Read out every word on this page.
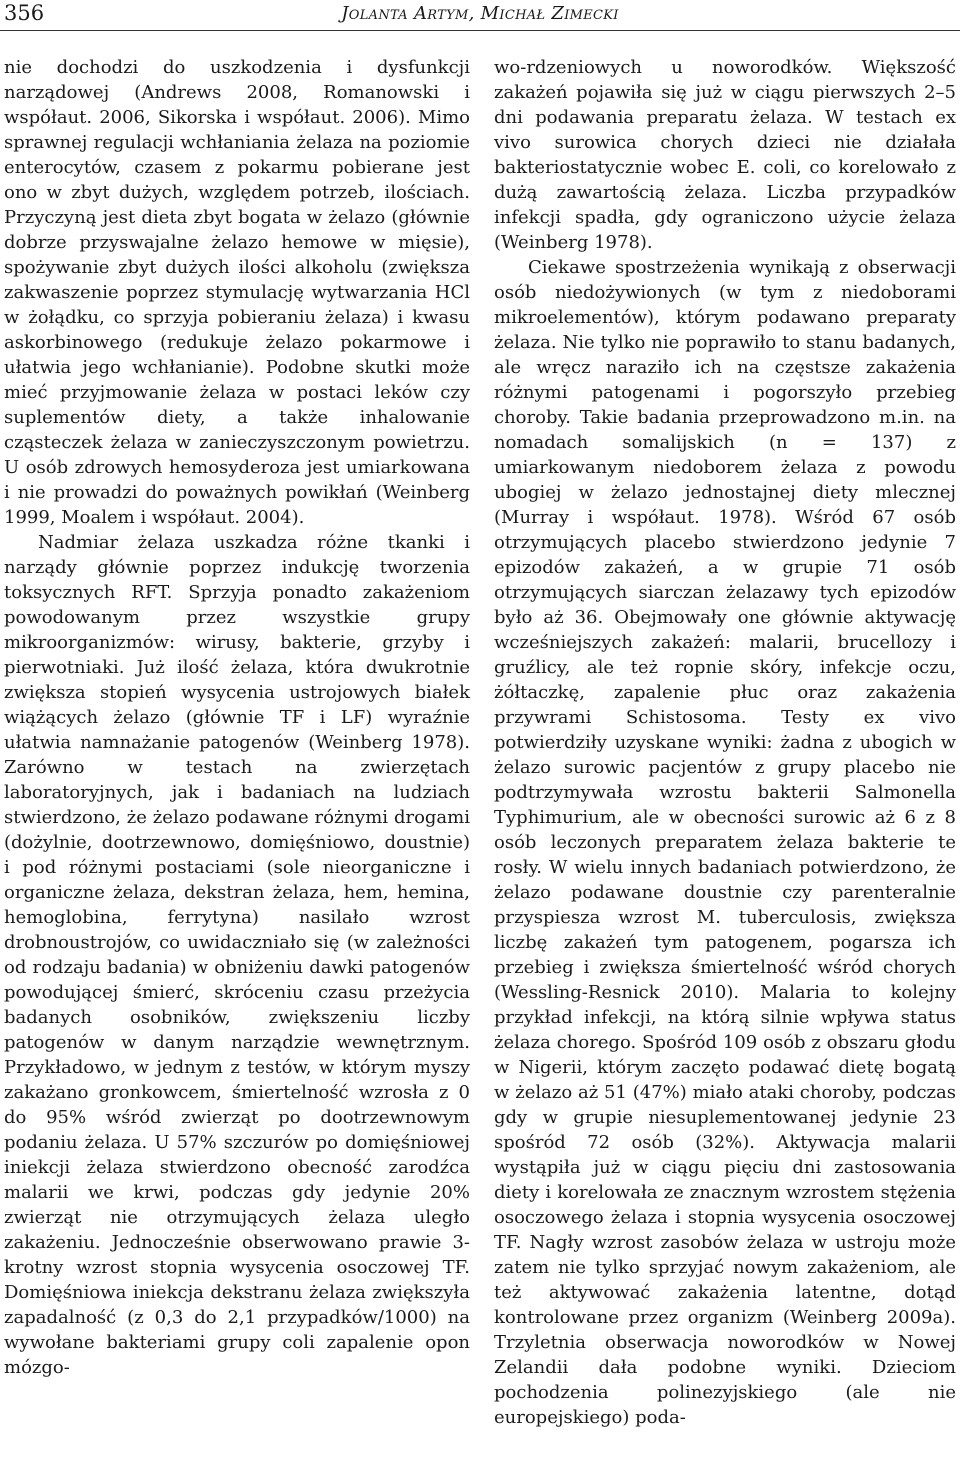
356	Jolanta Artym, Michał Zimecki

nie dochodzi do uszkodzenia i dysfunkcji narządowej (Andrews 2008, Romanowski i współaut. 2006, Sikorska i współaut. 2006). Mimo sprawnej regulacji wchłaniania żelaza na poziomie enterocytów, czasem z pokarmu pobierane jest ono w zbyt dużych, względem potrzeb, ilościach. Przyczyną jest dieta zbyt bogata w żelazo (głównie dobrze przyswajalne żelazo hemowe w mięsie), spożywanie zbyt dużych ilości alkoholu (zwiększa zakwaszenie poprzez stymulację wytwarzania HCl w żołądku, co sprzyja pobieraniu żelaza) i kwasu askorbinowego (redukuje żelazo pokarmowe i ułatwia jego wchłanianie). Podobne skutki może mieć przyjmowanie żelaza w postaci leków czy suplementów diety, a także inhalowanie cząsteczek żelaza w zanieczyszczonym powietrzu. U osób zdrowych hemosyderoza jest umiarkowana i nie prowadzi do poważnych powikłań (Weinberg 1999, Moalem i współaut. 2004).

Nadmiar żelaza uszkadza różne tkanki i narządy głównie poprzez indukcję tworzenia toksycznych RFT. Sprzyja ponadto zakażeniom powodowanym przez wszystkie grupy mikroorganizmów: wirusy, bakterie, grzyby i pierwotniaki. Już ilość żelaza, która dwukrotnie zwiększa stopień wysycenia ustrojowych białek wiążących żelazo (głównie TF i LF) wyraźnie ułatwia namnażanie patogenów (Weinberg 1978). Zarówno w testach na zwierzętach laboratoryjnych, jak i badaniach na ludziach stwierdzono, że żelazo podawane różnymi drogami (dożylnie, dootrzewnowo, domięśniowo, doustnie) i pod różnymi postaciami (sole nieorganiczne i organiczne żelaza, dekstran żelaza, hem, hemina, hemoglobina, ferrytyna) nasilało wzrost drobnoustrojów, co uwidaczniało się (w zależności od rodzaju badania) w obniżeniu dawki patogenów powodującej śmierć, skróceniu czasu przeżycia badanych osobników, zwiększeniu liczby patogenów w danym narządzie wewnętrznym. Przykładowo, w jednym z testów, w którym myszy zakażano gronkowcem, śmiertelność wzrosła z 0 do 95% wśród zwierząt po dootrzewnowym podaniu żelaza. U 57% szczurów po domięśniowej iniekcji żelaza stwierdzono obecność zarodźca malarii we krwi, podczas gdy jedynie 20% zwierząt nie otrzymujących żelaza uległo zakażeniu. Jednocześnie obserwowano prawie 3-krotny wzrost stopnia wysycenia osoczowej TF. Domięśniowa iniekcja dekstranu żelaza zwiększyła zapadalność (z 0,3 do 2,1 przypadków/1000) na wywołane bakteriami grupy coli zapalenie opon mózgo-

wo-rdzeniowych u noworodków. Większość zakażeń pojawiła się już w ciągu pierwszych 2–5 dni podawania preparatu żelaza. W testach ex vivo surowica chorych dzieci nie działała bakteriostatycznie wobec E. coli, co korelowało z dużą zawartością żelaza. Liczba przypadków infekcji spadła, gdy ograniczono użycie żelaza (Weinberg 1978).

Ciekawe spostrzeżenia wynikają z obserwacji osób niedożywionych (w tym z niedoborami mikroelementów), którym podawano preparaty żelaza. Nie tylko nie poprawiło to stanu badanych, ale wręcz naraziło ich na częstsze zakażenia różnymi patogenami i pogorszyło przebieg choroby. Takie badania przeprowadzono m.in. na nomadach somalijskich (n = 137) z umiarkowanym niedoborem żelaza z powodu ubogiej w żelazo jednostajnej diety mlecznej (Murray i współaut. 1978). Wśród 67 osób otrzymujących placebo stwierdzono jedynie 7 epizodów zakażeń, a w grupie 71 osób otrzymujących siarczan żelazawy tych epizodów było aż 36. Obejmowały one głównie aktywację wcześniejszych zakażeń: malarii, brucellozy i gruźlicy, ale też ropnie skóry, infekcje oczu, żółtaczkę, zapalenie płuc oraz zakażenia przywrami Schistosoma. Testy ex vivo potwierdziły uzyskane wyniki: żadna z ubogich w żelazo surowic pacjentów z grupy placebo nie podtrzymywała wzrostu bakterii Salmonella Typhimurium, ale w obecności surowic aż 6 z 8 osób leczonych preparatem żelaza bakterie te rosły. W wielu innych badaniach potwierdzono, że żelazo podawane doustnie czy parenteralnie przyspiesza wzrost M. tuberculosis, zwiększa liczbę zakażeń tym patogenem, pogarsza ich przebieg i zwiększa śmiertelność wśród chorych (Wessling-Resnick 2010). Malaria to kolejny przykład infekcji, na którą silnie wpływa status żelaza chorego. Spośród 109 osób z obszaru głodu w Nigerii, którym zaczęto podawać dietę bogatą w żelazo aż 51 (47%) miało ataki choroby, podczas gdy w grupie niesuplementowanej jedynie 23 spośród 72 osób (32%). Aktywacja malarii wystąpiła już w ciągu pięciu dni zastosowania diety i korelowała ze znacznym wzrostem stężenia osoczowego żelaza i stopnia wysycenia osoczowej TF. Nagły wzrost zasobów żelaza w ustroju może zatem nie tylko sprzyjać nowym zakażeniom, ale też aktywować zakażenia latentne, dotąd kontrolowane przez organizm (Weinberg 2009a). Trzyletnia obserwacja noworodków w Nowej Zelandii dała podobne wyniki. Dzieciom pochodzenia polinezyjskiego (ale nie europejskiego) poda-
